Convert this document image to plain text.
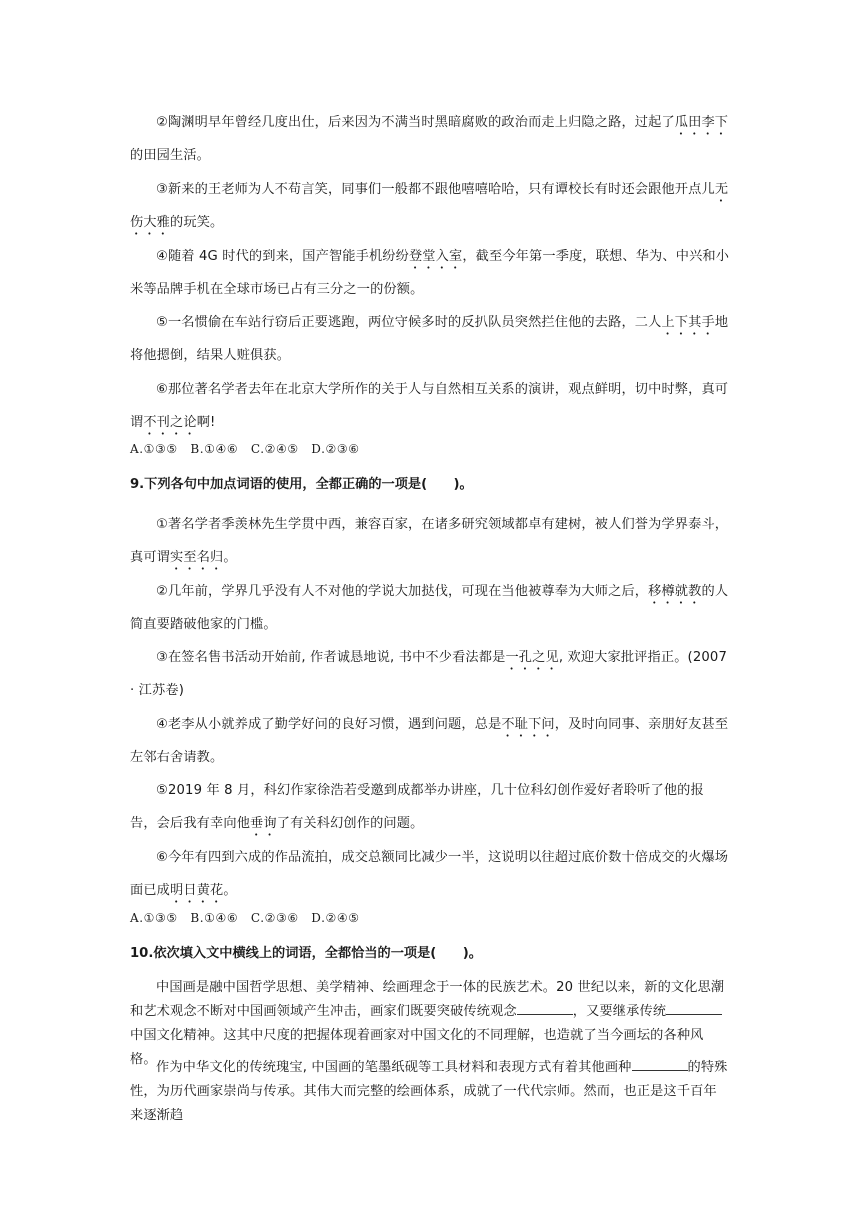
②陶渊明早年曾经几度出仕，后来因为不满当时黑暗腐败的政治而走上归隐之路，过起了瓜田李下的田园生活。

③新来的王老师为人不苟言笑，同事们一般都不跟他嘻嘻哈哈，只有谭校长有时还会跟他开点儿无伤大雅的玩笑。

④随着 4G 时代的到来，国产智能手机纷纷登堂入室，截至今年第一季度，联想、华为、中兴和小米等品牌手机在全球市场已占有三分之一的份额。

⑤一名惯偷在车站行窃后正要逃跑，两位守候多时的反扒队员突然拦住他的去路，二人上下其手地将他摁倒，结果人赃俱获。

⑥那位著名学者去年在北京大学所作的关于人与自然相互关系的演讲，观点鲜明，切中时弊，真可谓不刊之论啊!

A.①③⑤　B.①④⑥　C.②④⑤　D.②③⑥

9.下列各句中加点词语的使用，全都正确的一项是(　　)。

①著名学者季羡林先生学贯中西，兼容百家，在诸多研究领域都卓有建树，被人们誉为学界泰斗，真可谓实至名归。

②几年前，学界几乎没有人不对他的学说大加挞伐，可现在当他被尊奉为大师之后，移樽就教的人简直要踏破他家的门槛。

③在签名售书活动开始前, 作者诚恳地说, 书中不少看法都是一孔之见, 欢迎大家批评指正。(2007 · 江苏卷)

④老李从小就养成了勤学好问的良好习惯，遇到问题，总是不耻下问，及时向同事、亲朋好友甚至左邻右舍请教。

⑤2019 年 8 月，科幻作家徐浩若受邀到成都举办讲座，几十位科幻创作爱好者聆听了他的报告，会后我有幸向他垂询了有关科幻创作的问题。

⑥今年有四到六成的作品流拍，成交总额同比减少一半，这说明以往超过底价数十倍成交的火爆场面已成明日黄花。

A.①③⑤　B.①④⑥　C.②③⑥　D.②④⑤

10.依次填入文中横线上的词语，全都恰当的一项是(　　)。

中国画是融中国哲学思想、美学精神、绘画理念于一体的民族艺术。20 世纪以来，新的文化思潮和艺术观念不断对中国画领域产生冲击，画家们既要突破传统观念	，又要继承传统中国文化精神。这其中尺度的把握体现着画家对中国文化的不同理解，也造就了当今画坛的各种风格。

作为中华文化的传统瑰宝, 中国画的笔墨纸砚等工具材料和表现方式有着其他画种	的特殊性，为历代画家崇尚与传承。其伟大而完整的绘画体系，成就了一代代宗师。然而，也正是这千百年来逐渐趋
